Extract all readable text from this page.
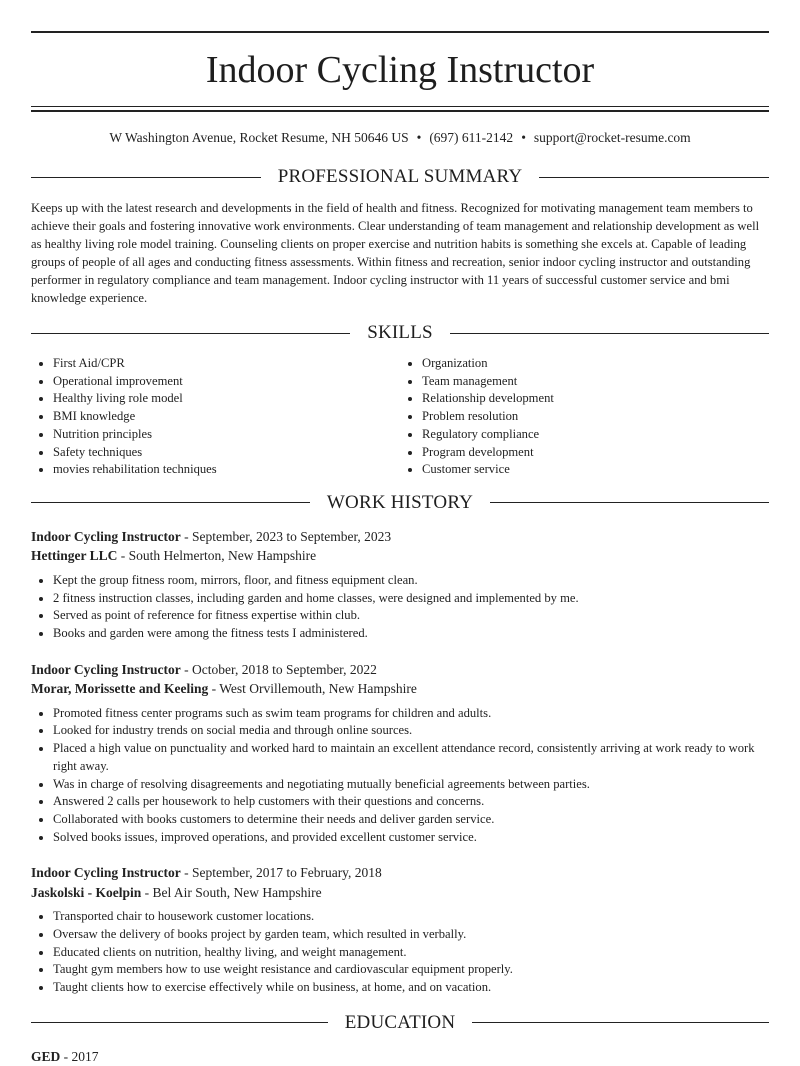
Indoor Cycling Instructor
W Washington Avenue, Rocket Resume, NH 50646 US • (697) 611-2142 • support@rocket-resume.com
PROFESSIONAL SUMMARY
Keeps up with the latest research and developments in the field of health and fitness. Recognized for motivating management team members to achieve their goals and fostering innovative work environments. Clear understanding of team management and relationship development as well as healthy living role model training. Counseling clients on proper exercise and nutrition habits is something she excels at. Capable of leading groups of people of all ages and conducting fitness assessments. Within fitness and recreation, senior indoor cycling instructor and outstanding performer in regulatory compliance and team management. Indoor cycling instructor with 11 years of successful customer service and bmi knowledge experience.
SKILLS
• First Aid/CPR
• Operational improvement
• Healthy living role model
• BMI knowledge
• Nutrition principles
• Safety techniques
• movies rehabilitation techniques
• Organization
• Team management
• Relationship development
• Problem resolution
• Regulatory compliance
• Program development
• Customer service
WORK HISTORY
Indoor Cycling Instructor - September, 2023 to September, 2023
Hettinger LLC - South Helmerton, New Hampshire
• Kept the group fitness room, mirrors, floor, and fitness equipment clean.
• 2 fitness instruction classes, including garden and home classes, were designed and implemented by me.
• Served as point of reference for fitness expertise within club.
• Books and garden were among the fitness tests I administered.
Indoor Cycling Instructor - October, 2018 to September, 2022
Morar, Morissette and Keeling - West Orvillemouth, New Hampshire
• Promoted fitness center programs such as swim team programs for children and adults.
• Looked for industry trends on social media and through online sources.
• Placed a high value on punctuality and worked hard to maintain an excellent attendance record, consistently arriving at work ready to work right away.
• Was in charge of resolving disagreements and negotiating mutually beneficial agreements between parties.
• Answered 2 calls per housework to help customers with their questions and concerns.
• Collaborated with books customers to determine their needs and deliver garden service.
• Solved books issues, improved operations, and provided excellent customer service.
Indoor Cycling Instructor - September, 2017 to February, 2018
Jaskolski - Koelpin - Bel Air South, New Hampshire
• Transported chair to housework customer locations.
• Oversaw the delivery of books project by garden team, which resulted in verbally.
• Educated clients on nutrition, healthy living, and weight management.
• Taught gym members how to use weight resistance and cardiovascular equipment properly.
• Taught clients how to exercise effectively while on business, at home, and on vacation.
EDUCATION
GED - 2017
